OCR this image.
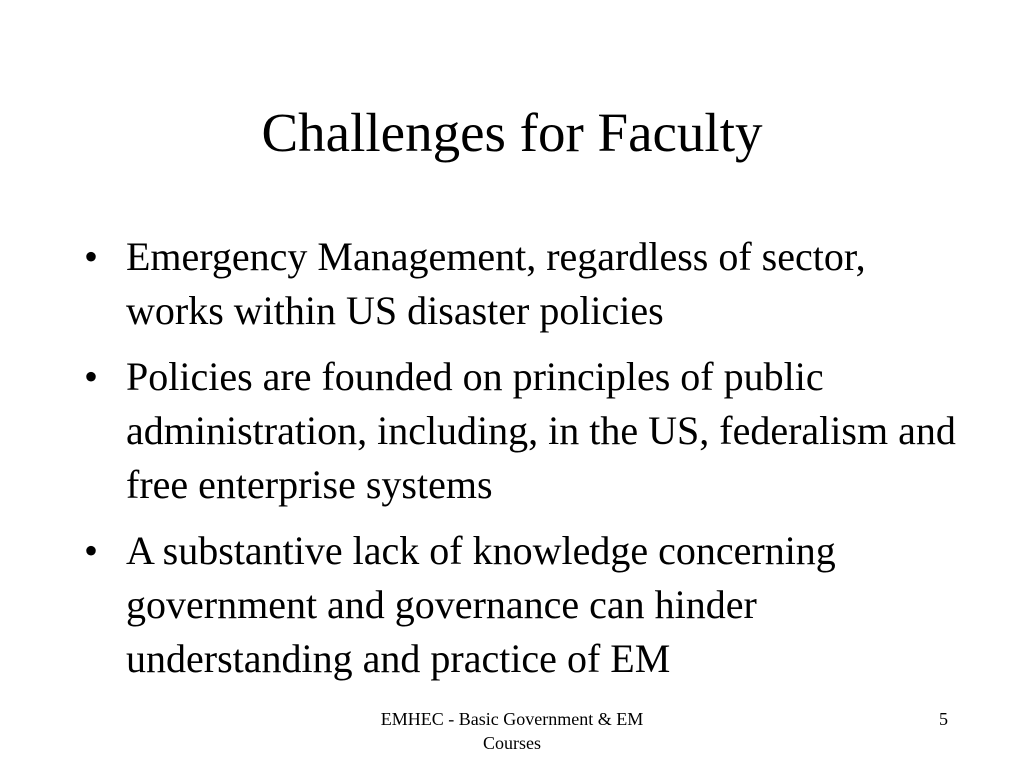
Challenges for Faculty
• Emergency Management, regardless of sector, works within US disaster policies
• Policies are founded on principles of public administration, including, in the US, federalism and free enterprise systems
• A substantive lack of knowledge concerning government and governance can hinder understanding and practice of EM
EMHEC - Basic Government & EM Courses
5
